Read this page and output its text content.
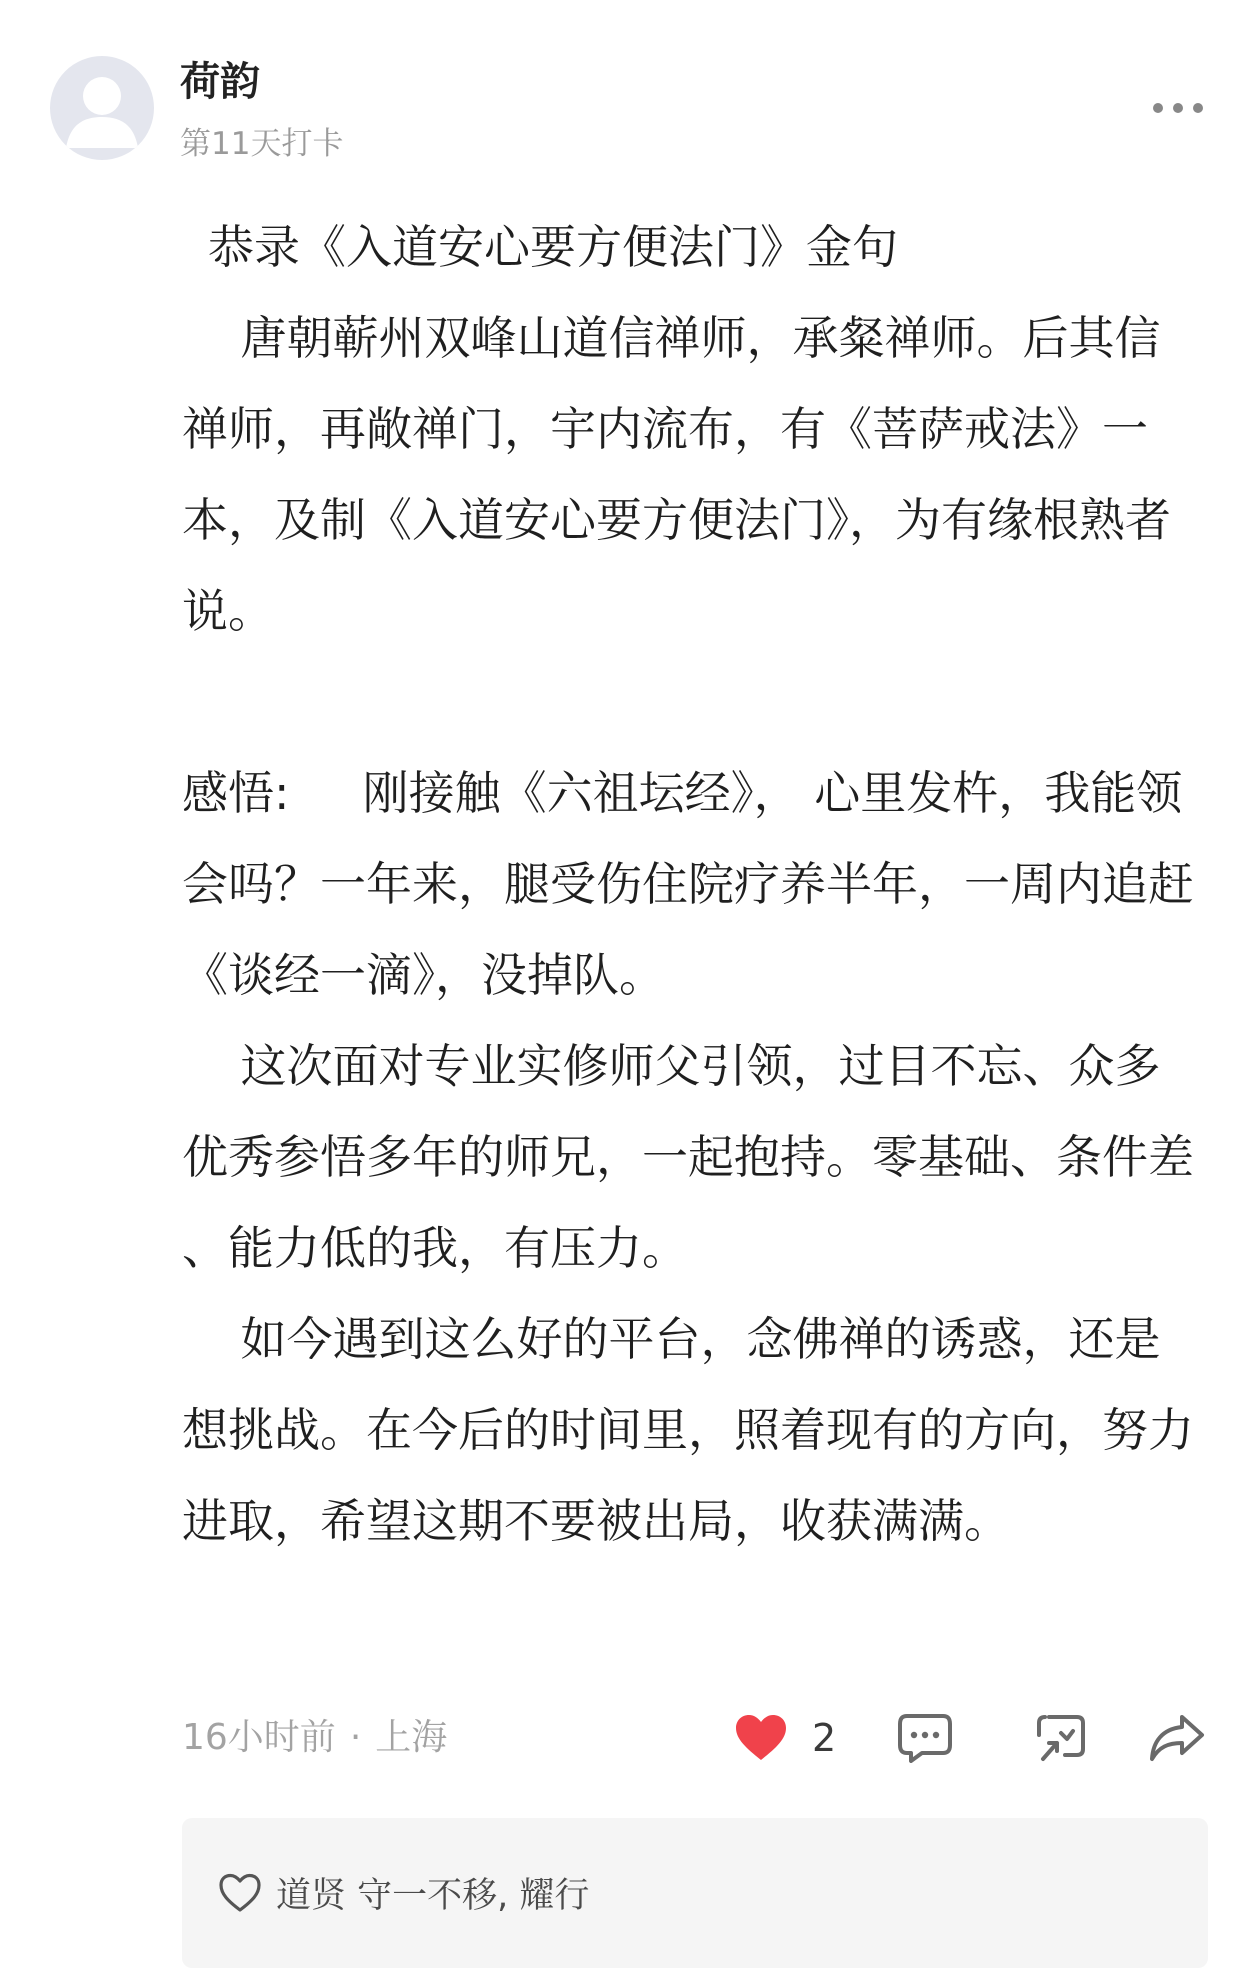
荷韵
第11天打卡

恭录《入道安心要方便法门》金句

唐朝蕲州双峰山道信禅师，承粲禅师。后其信禅师，再敞禅门，宇内流布，有《菩萨戒法》一本，及制《入道安心要方便法门》，为有缘根熟者说。

感悟:     刚接触《六祖坛经》， 心里发杵，我能领会吗？一年来，腿受伤住院疗养半年，一周内追赶《谈经一滴》，没掉队。

这次面对专业实修师父引领，过目不忘、众多优秀参悟多年的师兄，一起抱持。零基础、条件差 、能力低的我，有压力。

如今遇到这么好的平台，念佛禅的诱惑，还是想挑战。在今后的时间里，照着现有的方向，努力进取，希望这期不要被出局，收获满满。

16小时前 · 上海	2
道贤 守一不移, 耀行
